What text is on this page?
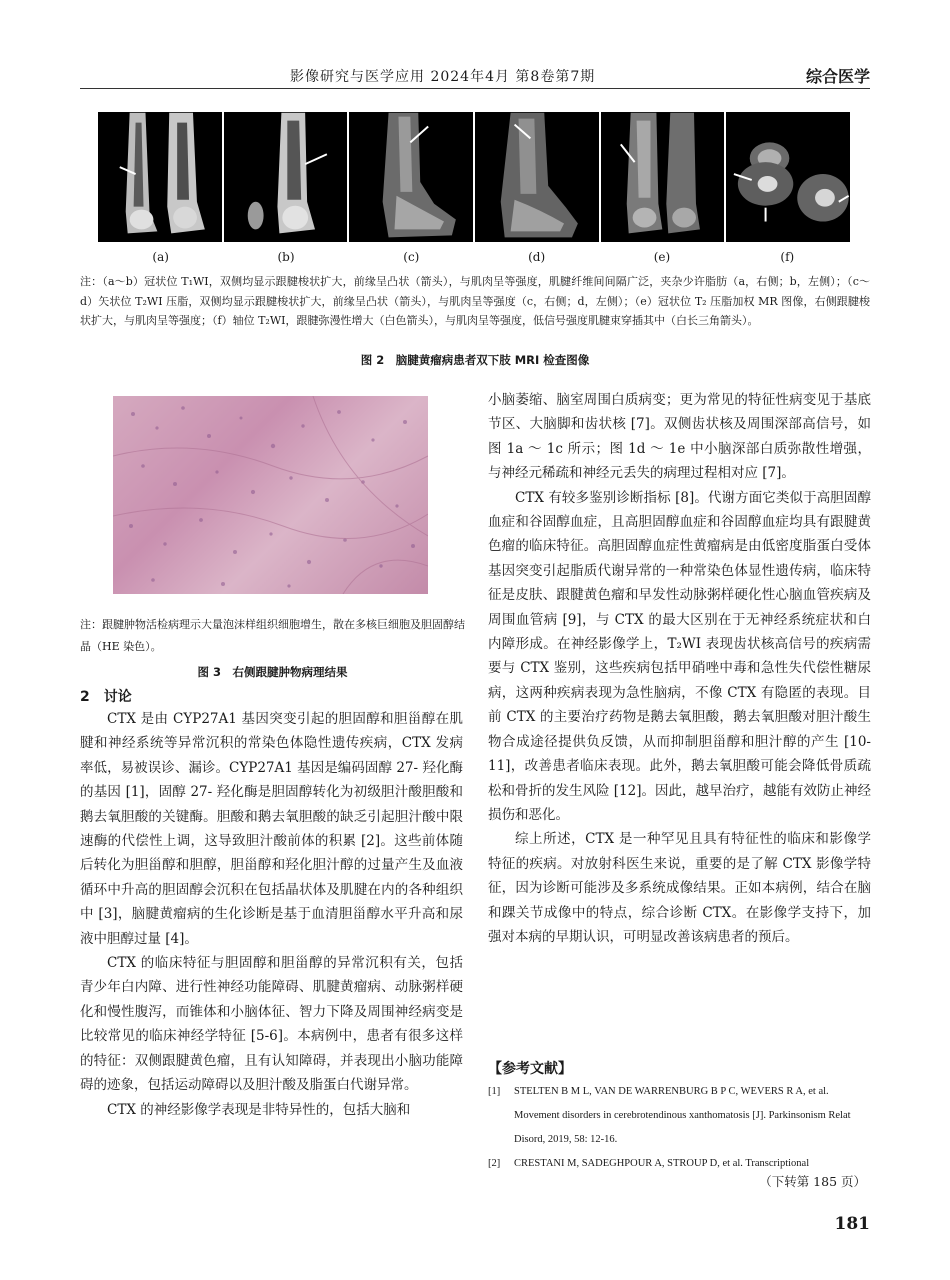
影像研究与医学应用 2024年4月 第8卷第7期	综合医学
(a)	(b)	(c)	(d)	(e)	(f)
注：（a～b）冠状位 T₁WI，双侧均显示跟腱梭状扩大，前缘呈凸状（箭头），与肌肉呈等强度，肌腱纤维间间隔广泛，夹杂少许脂肪（a，右侧；b，左侧）；（c～d）矢状位 T₂WI 压脂，双侧均显示跟腱梭状扩大，前缘呈凸状（箭头），与肌肉呈等强度（c，右侧；d，左侧）；（e）冠状位 T₂ 压脂加权 MR 图像，右侧跟腱梭状扩大，与肌肉呈等强度；（f）轴位 T₂WI，跟腱弥漫性增大（白色箭头），与肌肉呈等强度，低信号强度肌腱束穿插其中（白长三角箭头）。
图 2　脑腱黄瘤病患者双下肢 MRI 检查图像
注：跟腱肿物活检病理示大量泡沫样组织细胞增生，散在多核巨细胞及胆固醇结晶（HE 染色）。
图 3　右侧跟腱肿物病理结果
2　讨论

CTX 是由 CYP27A1 基因突变引起的胆固醇和胆甾醇在肌腱和神经系统等异常沉积的常染色体隐性遗传疾病，CTX 发病率低，易被误诊、漏诊。CYP27A1 基因是编码固醇 27- 羟化酶的基因 [1]，固醇 27- 羟化酶是胆固醇转化为初级胆汁酸胆酸和鹅去氧胆酸的关键酶。胆酸和鹅去氧胆酸的缺乏引起胆汁酸中限速酶的代偿性上调，这导致胆汁酸前体的积累 [2]。这些前体随后转化为胆甾醇和胆醇，胆甾醇和羟化胆汁醇的过量产生及血液循环中升高的胆固醇会沉积在包括晶状体及肌腱在内的各种组织中 [3]，脑腱黄瘤病的生化诊断是基于血清胆甾醇水平升高和尿液中胆醇过量 [4]。

CTX 的临床特征与胆固醇和胆甾醇的异常沉积有关，包括青少年白内障、进行性神经功能障碍、肌腱黄瘤病、动脉粥样硬化和慢性腹泻，而锥体和小脑体征、智力下降及周围神经病变是比较常见的临床神经学特征 [5-6]。本病例中，患者有很多这样的特征：双侧跟腱黄色瘤，且有认知障碍，并表现出小脑功能障碍的迹象，包括运动障碍以及胆汁酸及脂蛋白代谢异常。

CTX 的神经影像学表现是非特异性的，包括大脑和

小脑萎缩、脑室周围白质病变；更为常见的特征性病变见于基底节区、大脑脚和齿状核 [7]。双侧齿状核及周围深部高信号，如图 1a ～ 1c 所示；图 1d ～ 1e 中小脑深部白质弥散性增强，与神经元稀疏和神经元丢失的病理过程相对应 [7]。

CTX 有较多鉴别诊断指标 [8]。代谢方面它类似于高胆固醇血症和谷固醇血症，且高胆固醇血症和谷固醇血症均具有跟腱黄色瘤的临床特征。高胆固醇血症性黄瘤病是由低密度脂蛋白受体基因突变引起脂质代谢异常的一种常染色体显性遗传病，临床特征是皮肤、跟腱黄色瘤和早发性动脉粥样硬化性心脑血管疾病及周围血管病 [9]，与 CTX 的最大区别在于无神经系统症状和白内障形成。在神经影像学上，T₂WI 表现齿状核高信号的疾病需要与 CTX 鉴别，这些疾病包括甲硝唑中毒和急性失代偿性糖尿病，这两种疾病表现为急性脑病，不像 CTX 有隐匿的表现。目前 CTX 的主要治疗药物是鹅去氧胆酸，鹅去氧胆酸对胆汁酸生物合成途径提供负反馈，从而抑制胆甾醇和胆汁醇的产生 [10-11]，改善患者临床表现。此外，鹅去氧胆酸可能会降低骨质疏松和骨折的发生风险 [12]。因此，越早治疗，越能有效防止神经损伤和恶化。

综上所述，CTX 是一种罕见且具有特征性的临床和影像学特征的疾病。对放射科医生来说，重要的是了解 CTX 影像学特征，因为诊断可能涉及多系统成像结果。正如本病例，结合在脑和踝关节成像中的特点，综合诊断 CTX。在影像学支持下，加强对本病的早期认识，可明显改善该病患者的预后。

【参考文献】
[1]	STELTEN B M L, VAN DE WARRENBURG B P C, WEVERS R A, et al. Movement disorders in cerebrotendinous xanthomatosis [J]. Parkinsonism Relat Disord, 2019, 58: 12-16.
[2]	CRESTANI M, SADEGHPOUR A, STROUP D, et al. Transcriptional
（下转第 185 页）
181
